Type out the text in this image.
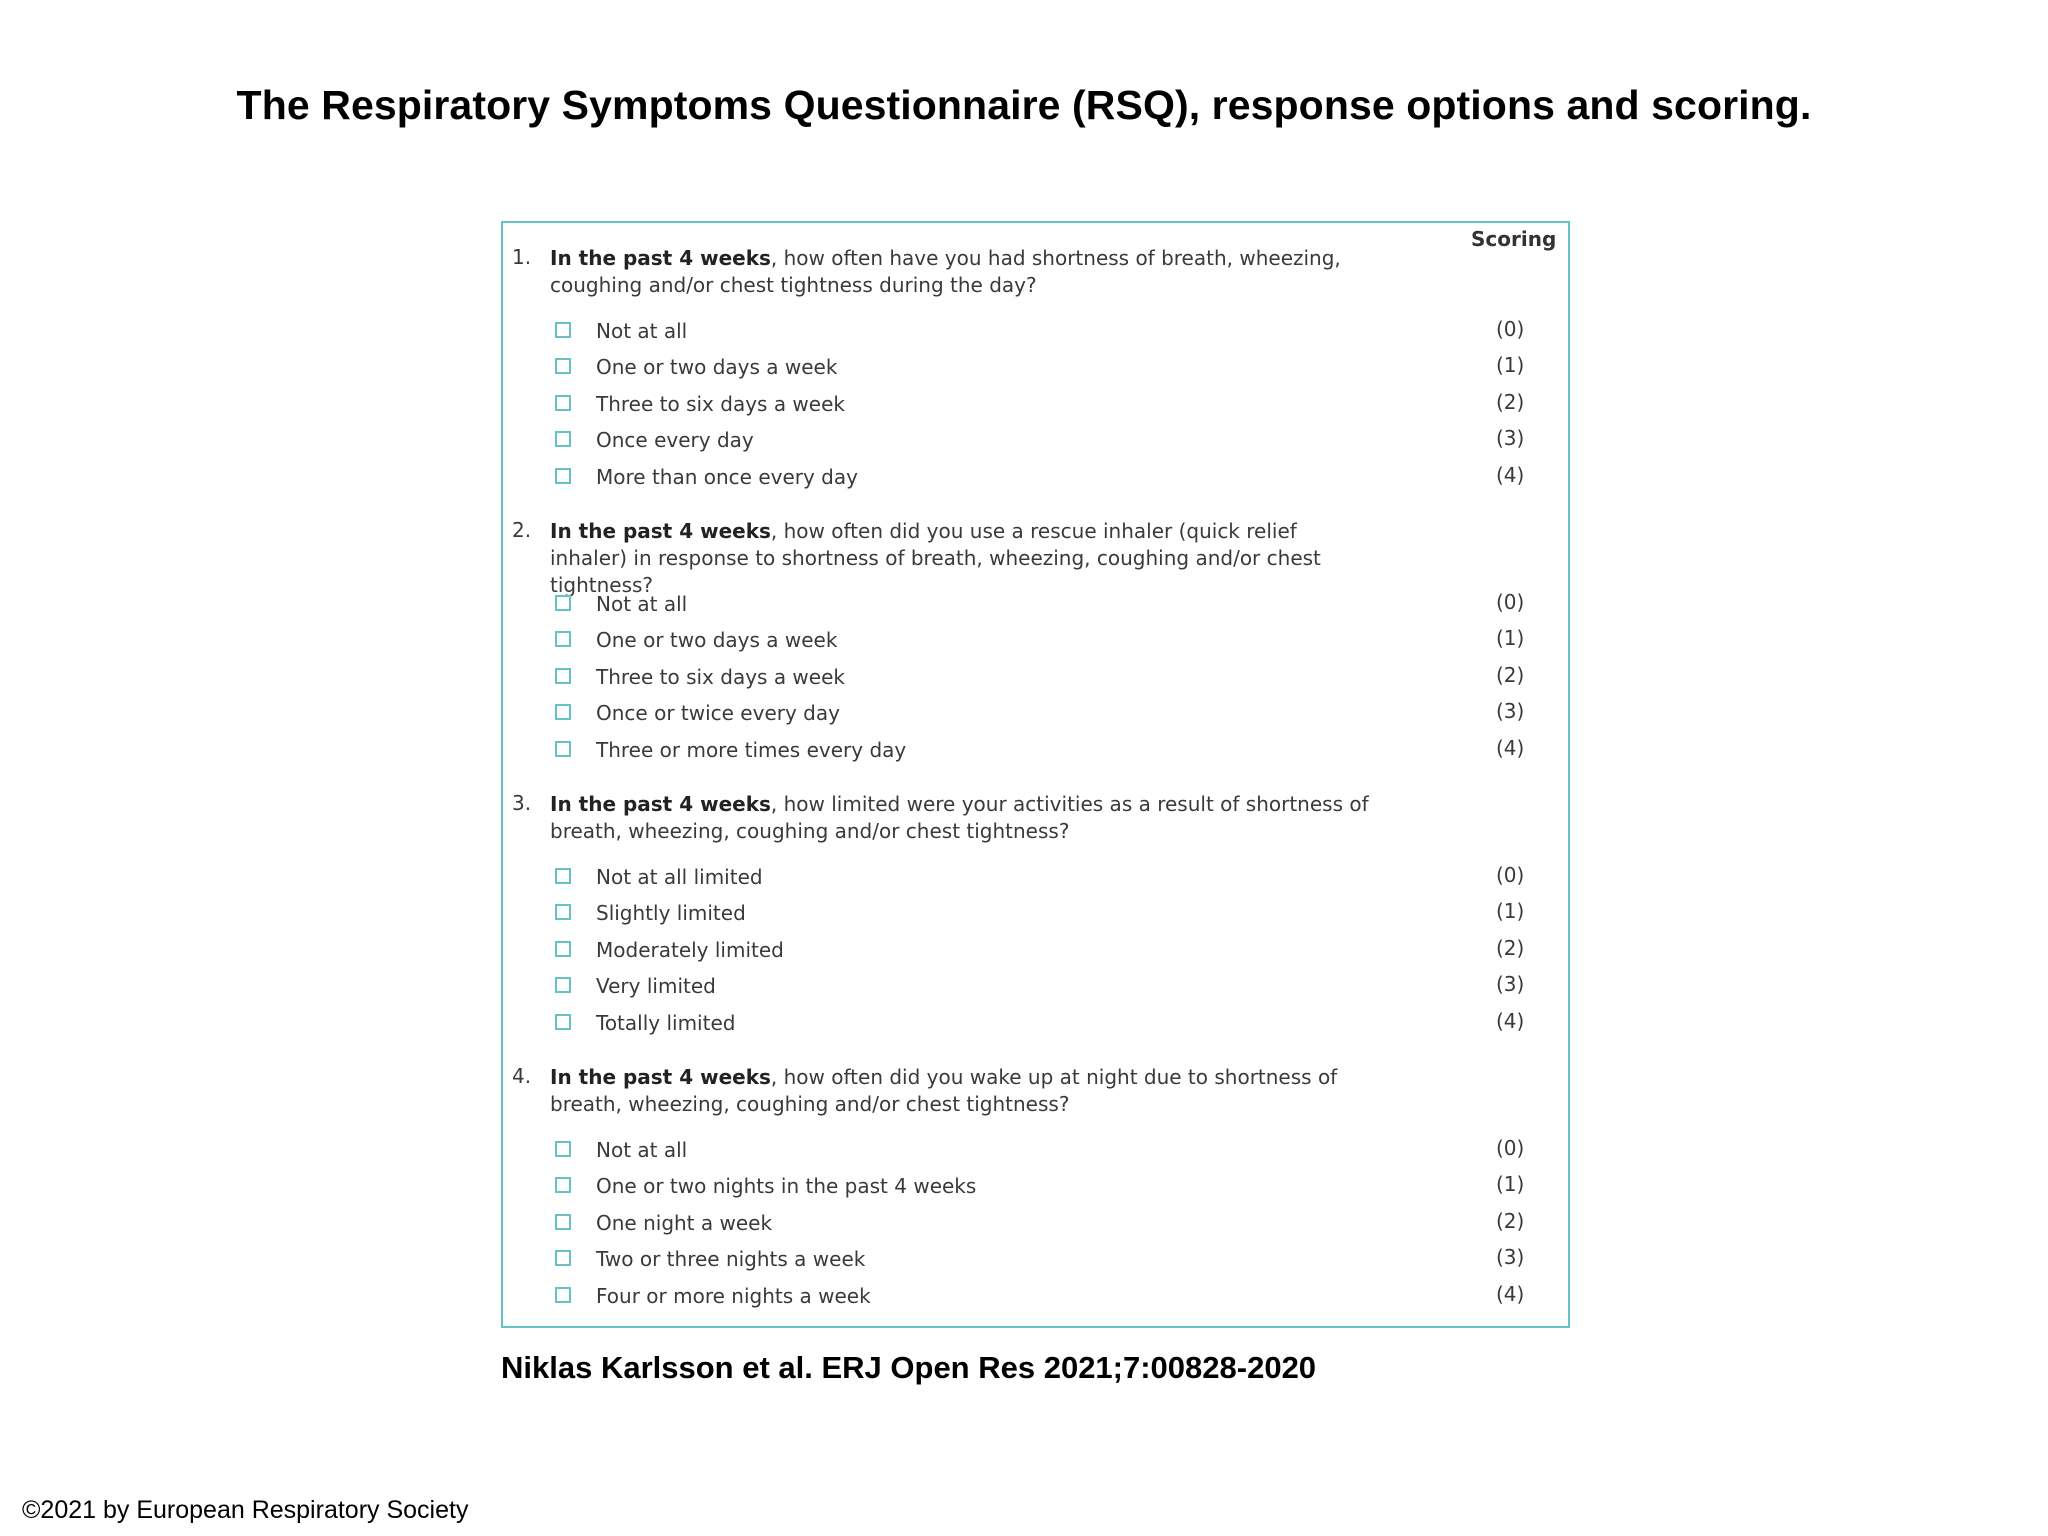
The Respiratory Symptoms Questionnaire (RSQ), response options and scoring.
Scoring
1. In the past 4 weeks, how often have you had shortness of breath, wheezing, coughing and/or chest tightness during the day?
Not at all	(0)
One or two days a week	(1)
Three to six days a week	(2)
Once every day	(3)
More than once every day	(4)
2. In the past 4 weeks, how often did you use a rescue inhaler (quick relief inhaler) in response to shortness of breath, wheezing, coughing and/or chest tightness?
Not at all	(0)
One or two days a week	(1)
Three to six days a week	(2)
Once or twice every day	(3)
Three or more times every day	(4)
3. In the past 4 weeks, how limited were your activities as a result of shortness of breath, wheezing, coughing and/or chest tightness?
Not at all limited	(0)
Slightly limited	(1)
Moderately limited	(2)
Very limited	(3)
Totally limited	(4)
4. In the past 4 weeks, how often did you wake up at night due to shortness of breath, wheezing, coughing and/or chest tightness?
Not at all	(0)
One or two nights in the past 4 weeks	(1)
One night a week	(2)
Two or three nights a week	(3)
Four or more nights a week	(4)
Niklas Karlsson et al. ERJ Open Res 2021;7:00828-2020
©2021 by European Respiratory Society
